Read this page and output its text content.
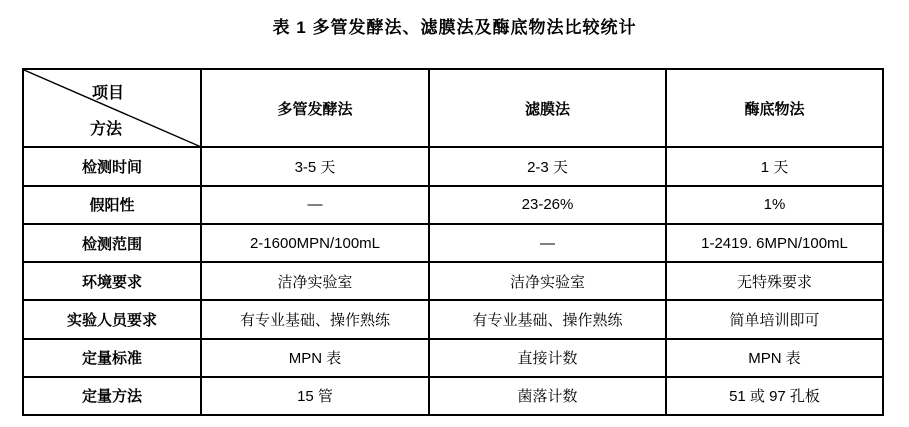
表 1 多管发酵法、滤膜法及酶底物法比较统计
项目
方法	多管发酵法	滤膜法	酶底物法
检测时间	3-5 天	2-3 天	1 天
假阳性	—	23-26%	1%
检测范围	2-1600MPN/100mL	—	1-2419. 6MPN/100mL
环境要求	洁净实验室	洁净实验室	无特殊要求
实验人员要求	有专业基础、操作熟练	有专业基础、操作熟练	简单培训即可
定量标准	MPN 表	直接计数	MPN 表
定量方法	15 管	菌落计数	51 或 97 孔板
